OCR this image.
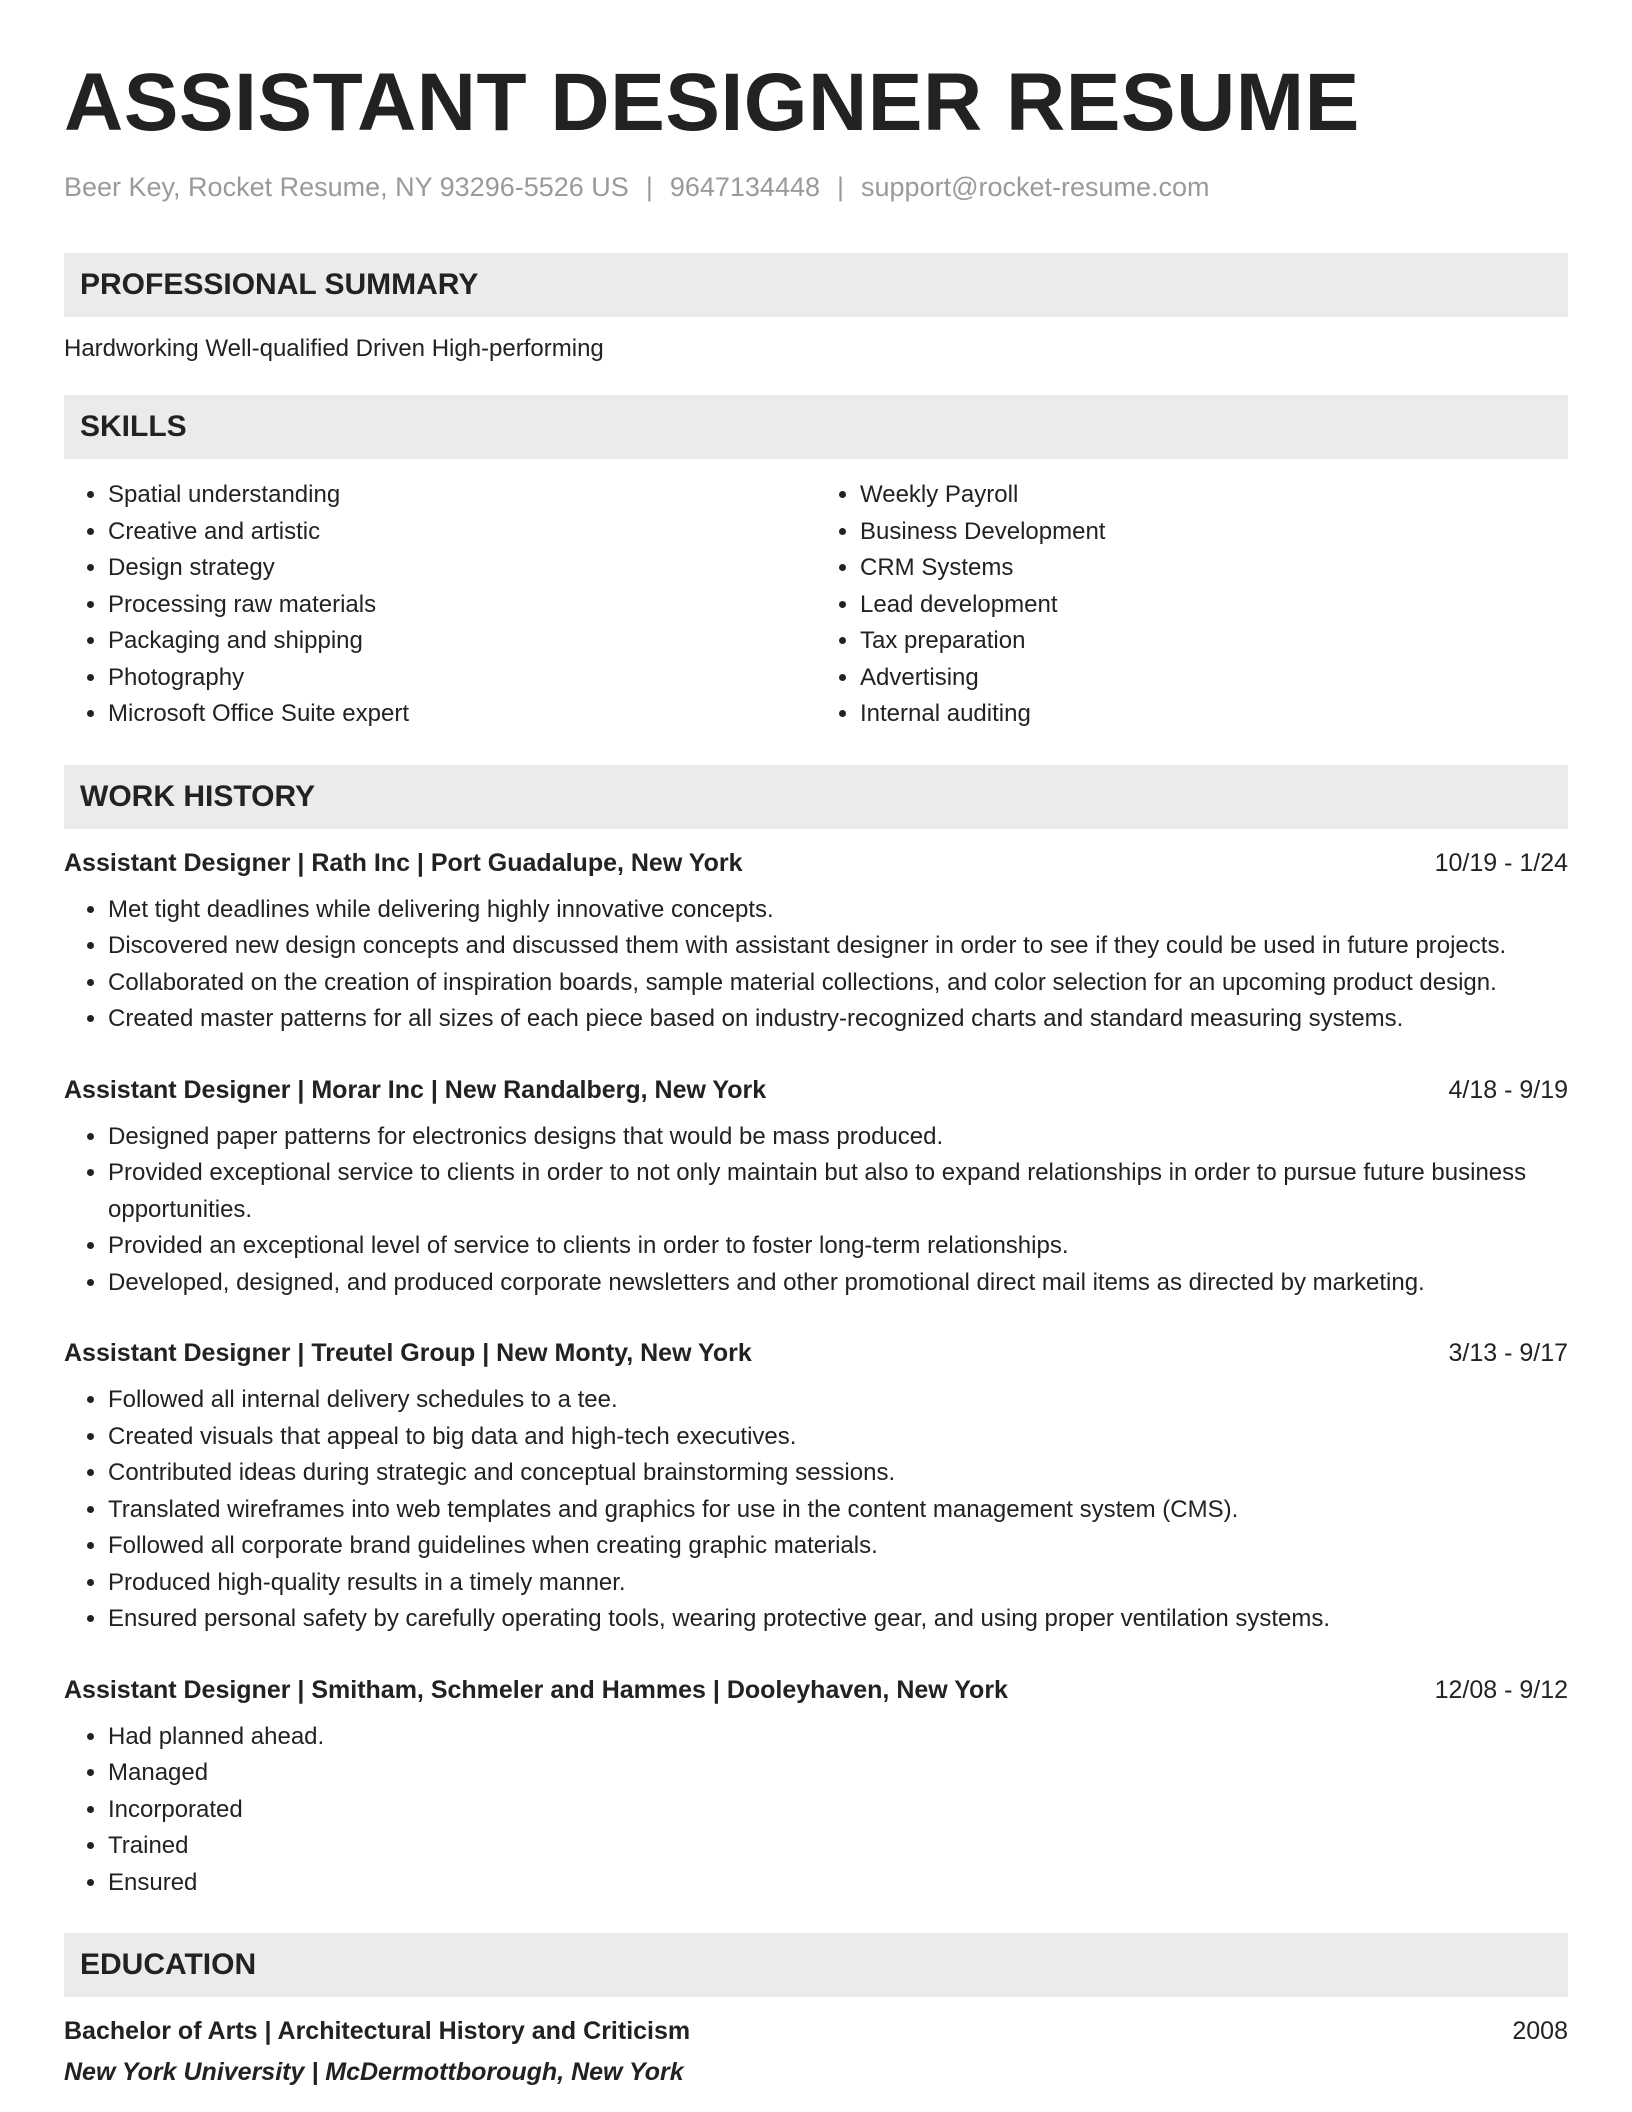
ASSISTANT DESIGNER RESUME
Beer Key, Rocket Resume, NY 93296-5526 US | 9647134448 | support@rocket-resume.com
PROFESSIONAL SUMMARY
Hardworking Well-qualified Driven High-performing
SKILLS
• Spatial understanding
• Creative and artistic
• Design strategy
• Processing raw materials
• Packaging and shipping
• Photography
• Microsoft Office Suite expert
• Weekly Payroll
• Business Development
• CRM Systems
• Lead development
• Tax preparation
• Advertising
• Internal auditing
WORK HISTORY
Assistant Designer | Rath Inc | Port Guadalupe, New York	10/19 - 1/24
• Met tight deadlines while delivering highly innovative concepts.
• Discovered new design concepts and discussed them with assistant designer in order to see if they could be used in future projects.
• Collaborated on the creation of inspiration boards, sample material collections, and color selection for an upcoming product design.
• Created master patterns for all sizes of each piece based on industry-recognized charts and standard measuring systems.
Assistant Designer | Morar Inc | New Randalberg, New York	4/18 - 9/19
• Designed paper patterns for electronics designs that would be mass produced.
• Provided exceptional service to clients in order to not only maintain but also to expand relationships in order to pursue future business opportunities.
• Provided an exceptional level of service to clients in order to foster long-term relationships.
• Developed, designed, and produced corporate newsletters and other promotional direct mail items as directed by marketing.
Assistant Designer | Treutel Group | New Monty, New York	3/13 - 9/17
• Followed all internal delivery schedules to a tee.
• Created visuals that appeal to big data and high-tech executives.
• Contributed ideas during strategic and conceptual brainstorming sessions.
• Translated wireframes into web templates and graphics for use in the content management system (CMS).
• Followed all corporate brand guidelines when creating graphic materials.
• Produced high-quality results in a timely manner.
• Ensured personal safety by carefully operating tools, wearing protective gear, and using proper ventilation systems.
Assistant Designer | Smitham, Schmeler and Hammes | Dooleyhaven, New York	12/08 - 9/12
• Had planned ahead.
• Managed
• Incorporated
• Trained
• Ensured
EDUCATION
Bachelor of Arts | Architectural History and Criticism	2008
New York University | McDermottborough, New York
